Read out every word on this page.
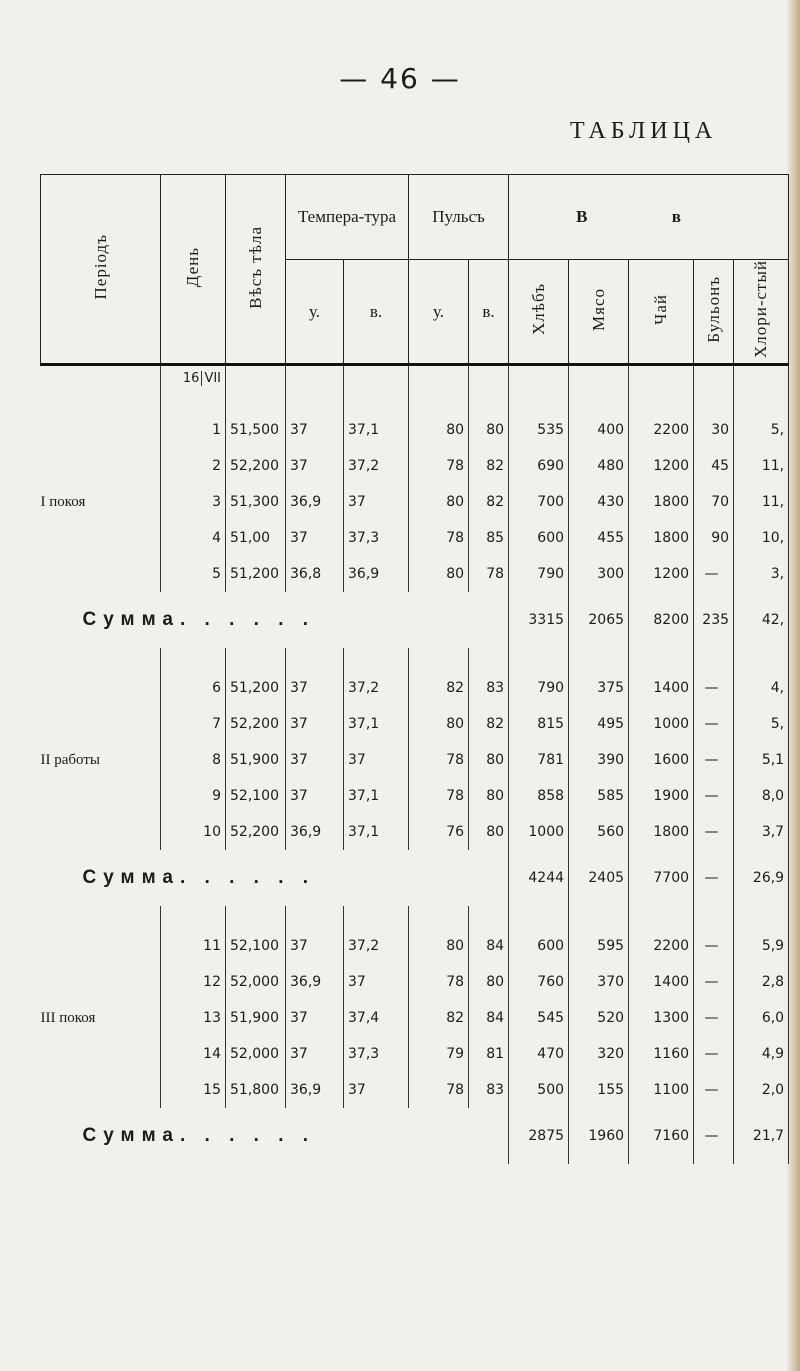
— 46 —
ТАБЛИЦА
Періодъ	День	Вѣсъ тѣла	Темпера-тура		Пульсъ		В в				
			у.	в.	у.	в.	Хлѣбъ	Мясо	Чай	Бульонъ	Хлори-стый
	16 VII										

	1	51,500	37	37,1	80	80	535	400	2200	30	5,
	2	52,200	37	37,2	78	82	690	480	1200	45	11,
I покоя	3	51,300	36,9	37	80	82	700	430	1800	70	11,
	4	51,00	37	37,3	78	85	600	455	1800	90	10,
	5	51,200	36,8	36,9	80	78	790	300	1200	—	3,
Сумма. . . . . .							3315	2065	8200	235	42,

	6	51,200	37	37,2	82	83	790	375	1400	—	4,
	7	52,200	37	37,1	80	82	815	495	1000	—	5,
II работы	8	51,900	37	37	78	80	781	390	1600	—	5,1
	9	52,100	37	37,1	78	80	858	585	1900	—	8,0
	10	52,200	36,9	37,1	76	80	1000	560	1800	—	3,7
Сумма. . . . . .							4244	2405	7700	—	26,9

	11	52,100	37	37,2	80	84	600	595	2200	—	5,9
	12	52,000	36,9	37	78	80	760	370	1400	—	2,8
III покоя	13	51,900	37	37,4	82	84	545	520	1300	—	6,0
	14	52,000	37	37,3	79	81	470	320	1160	—	4,9
	15	51,800	36,9	37	78	83	500	155	1100	—	2,0
Сумма. . . . . .							2875	1960	7160	—	21,7
